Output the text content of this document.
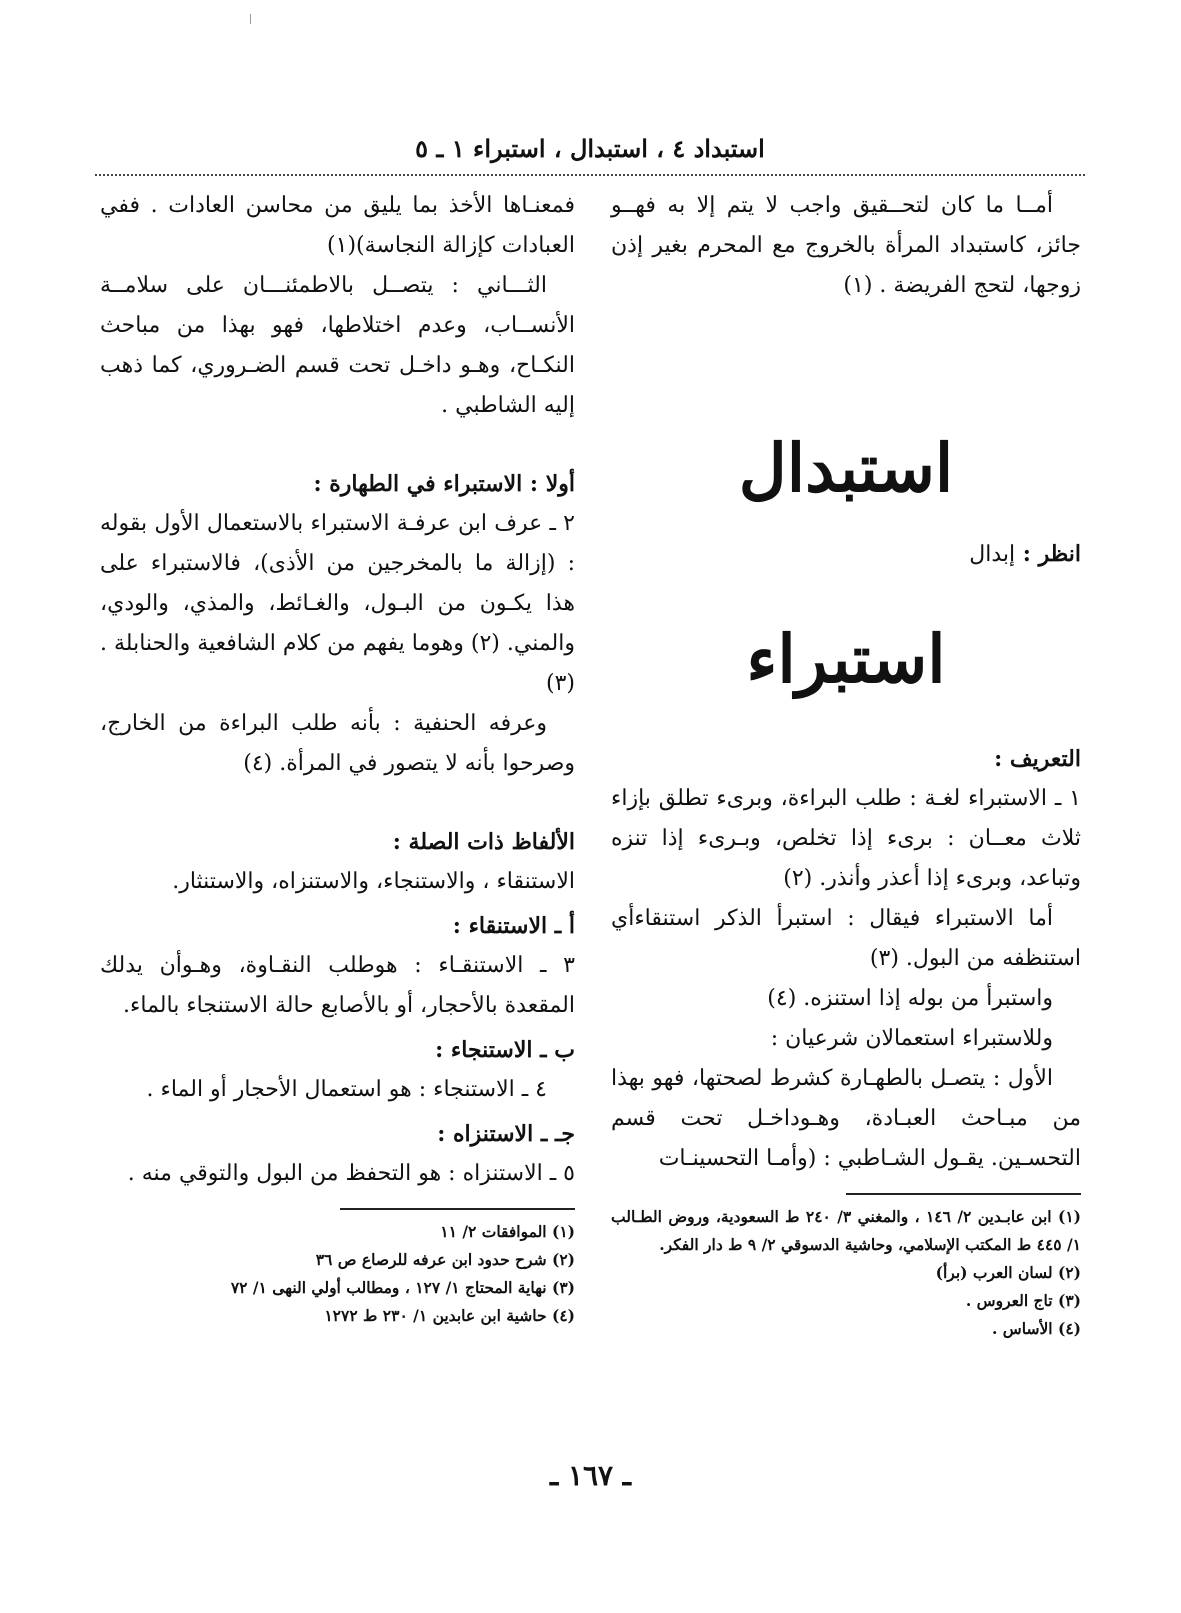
استبداد ٤ ، استبدال ، استبراء ١ ـ ٥

أمــا ما كان لتحــقيق واجب لا يتم إلا به فهــو جائز، كاستبداد المرأة بالخروج مع المحرم بغير إذن زوجها، لتحج الفريضة . (١)

استبدال
انظر : إبدال
استبراء

التعريف :

١ ـ الاستبراء لغـة : طلب البراءة، وبرىء تطلق بإزاء ثلاث معــان : برىء إذا تخلص، وبـرىء إذا تنزه وتباعد، وبرىء إذا أعذر وأنذر. (٢)

أما الاستبراء فيقال : استبرأ الذكر استنقاءأي استنظفه من البول. (٣)

واستبرأ من بوله إذا استنزه. (٤)

وللاستبراء استعمالان شرعيان :

الأول : يتصـل بالطهـارة كشرط لصحتها، فهو بهذا من مبـاحث العبـادة، وهـوداخـل تحت قسم التحسـين. يقـول الشـاطبي : (وأمـا التحسينـات

(١) ابن عابـدين ٢/ ١٤٦ ، والمغني ٣/ ٢٤٠ ط السعودية، وروض الطـالب ١/ ٤٤٥ ط المكتب الإسلامي، وحاشية الدسوقي ٢/ ٩ ط دار الفكر.
(٢) لسان العرب (برأ)
(٣) تاج العروس .
(٤) الأساس .

فمعنـاها الأخذ بما يليق من محاسن العادات . ففي العبادات كإزالة النجاسة)(١)

الثـــاني : يتصــل بالاطمئنـــان على سلامــة الأنســاب، وعدم اختلاطها، فهو بهذا من مباحث النكـاح، وهـو داخـل تحت قسم الضـروري، كما ذهب إليه الشاطبي .

أولا : الاستبراء في الطهارة :

٢ ـ عرف ابن عرفـة الاستبراء بالاستعمال الأول بقوله : (إزالة ما بالمخرجين من الأذى)، فالاستبراء على هذا يكـون من البـول، والغـائط، والمذي، والودي، والمني. (٢) وهوما يفهم من كلام الشافعية والحنابلة . (٣)

وعرفه الحنفية : بأنه طلب البراءة من الخارج، وصرحوا بأنه لا يتصور في المرأة. (٤)

الألفاظ ذات الصلة :

الاستنقاء ، والاستنجاء، والاستنزاه، والاستنثار.

أ ـ الاستنقاء :

٣ ـ الاستنقـاء : هوطلب النقـاوة، وهـوأن يدلك المقعدة بالأحجار، أو بالأصابع حالة الاستنجاء بالماء.

ب ـ الاستنجاء :

٤ ـ الاستنجاء : هو استعمال الأحجار أو الماء .

جـ ـ الاستنزاه :

٥ ـ الاستنزاه : هو التحفظ من البول والتوقي منه .

(١) الموافقات ٢/ ١١
(٢) شرح حدود ابن عرفه للرصاع ص ٣٦
(٣) نهاية المحتاج ١/ ١٢٧ ، ومطالب أولي النهى ١/ ٧٢
(٤) حاشية ابن عابدين ١/ ٢٣٠ ط ١٢٧٢
ـ ١٦٧ ـ
